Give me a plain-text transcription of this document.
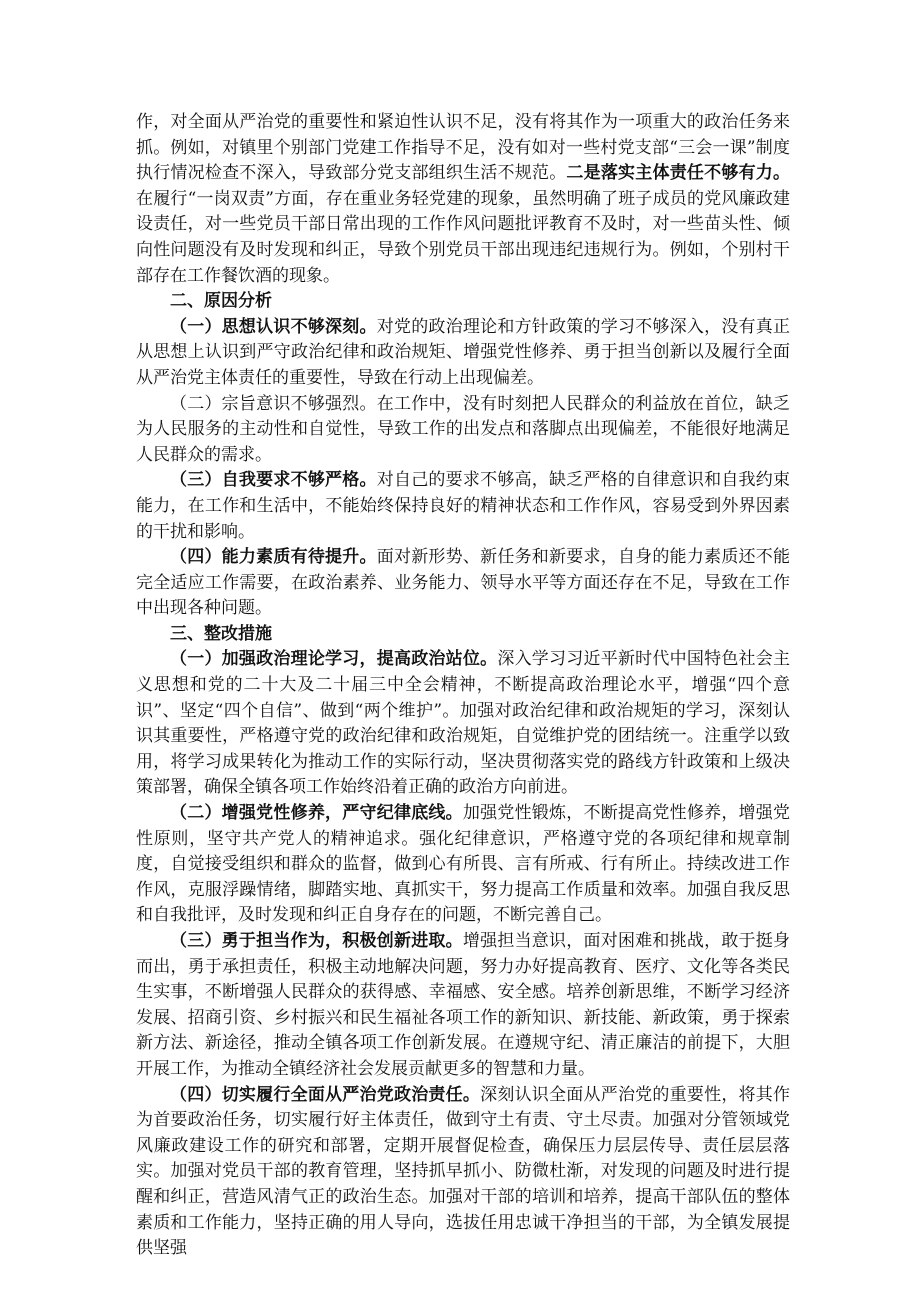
作，对全面从严治党的重要性和紧迫性认识不足，没有将其作为一项重大的政治任务来抓。例如，对镇里个别部门党建工作指导不足，没有如对一些村党支部“三会一课”制度执行情况检查不深入，导致部分党支部组织生活不规范。二是落实主体责任不够有力。在履行“一岗双责”方面，存在重业务轻党建的现象，虽然明确了班子成员的党风廉政建设责任，对一些党员干部日常出现的工作作风问题批评教育不及时，对一些苗头性、倾向性问题没有及时发现和纠正，导致个别党员干部出现违纪违规行为。例如，个别村干部存在工作餐饮酒的现象。

二、原因分析

（一）思想认识不够深刻。对党的政治理论和方针政策的学习不够深入，没有真正从思想上认识到严守政治纪律和政治规矩、增强党性修养、勇于担当创新以及履行全面从严治党主体责任的重要性，导致在行动上出现偏差。

（二）宗旨意识不够强烈。在工作中，没有时刻把人民群众的利益放在首位，缺乏为人民服务的主动性和自觉性，导致工作的出发点和落脚点出现偏差，不能很好地满足人民群众的需求。

（三）自我要求不够严格。对自己的要求不够高，缺乏严格的自律意识和自我约束能力，在工作和生活中，不能始终保持良好的精神状态和工作作风，容易受到外界因素的干扰和影响。

（四）能力素质有待提升。面对新形势、新任务和新要求，自身的能力素质还不能完全适应工作需要，在政治素养、业务能力、领导水平等方面还存在不足，导致在工作中出现各种问题。

三、整改措施

（一）加强政治理论学习，提高政治站位。深入学习习近平新时代中国特色社会主义思想和党的二十大及二十届三中全会精神，不断提高政治理论水平，增强“四个意识”、坚定“四个自信”、做到“两个维护”。加强对政治纪律和政治规矩的学习，深刻认识其重要性，严格遵守党的政治纪律和政治规矩，自觉维护党的团结统一。注重学以致用，将学习成果转化为推动工作的实际行动，坚决贯彻落实党的路线方针政策和上级决策部署，确保全镇各项工作始终沿着正确的政治方向前进。

（二）增强党性修养，严守纪律底线。加强党性锻炼，不断提高党性修养，增强党性原则，坚守共产党人的精神追求。强化纪律意识，严格遵守党的各项纪律和规章制度，自觉接受组织和群众的监督，做到心有所畏、言有所戒、行有所止。持续改进工作作风，克服浮躁情绪，脚踏实地、真抓实干，努力提高工作质量和效率。加强自我反思和自我批评，及时发现和纠正自身存在的问题，不断完善自己。

（三）勇于担当作为，积极创新进取。增强担当意识，面对困难和挑战，敢于挺身而出，勇于承担责任，积极主动地解决问题，努力办好提高教育、医疗、文化等各类民生实事，不断增强人民群众的获得感、幸福感、安全感。培养创新思维，不断学习经济发展、招商引资、乡村振兴和民生福祉各项工作的新知识、新技能、新政策，勇于探索新方法、新途径，推动全镇各项工作创新发展。在遵规守纪、清正廉洁的前提下，大胆开展工作，为推动全镇经济社会发展贡献更多的智慧和力量。

（四）切实履行全面从严治党政治责任。深刻认识全面从严治党的重要性，将其作为首要政治任务，切实履行好主体责任，做到守土有责、守土尽责。加强对分管领域党风廉政建设工作的研究和部署，定期开展督促检查，确保压力层层传导、责任层层落实。加强对党员干部的教育管理，坚持抓早抓小、防微杜渐，对发现的问题及时进行提醒和纠正，营造风清气正的政治生态。加强对干部的培训和培养，提高干部队伍的整体素质和工作能力，坚持正确的用人导向，选拔任用忠诚干净担当的干部，为全镇发展提供坚强
